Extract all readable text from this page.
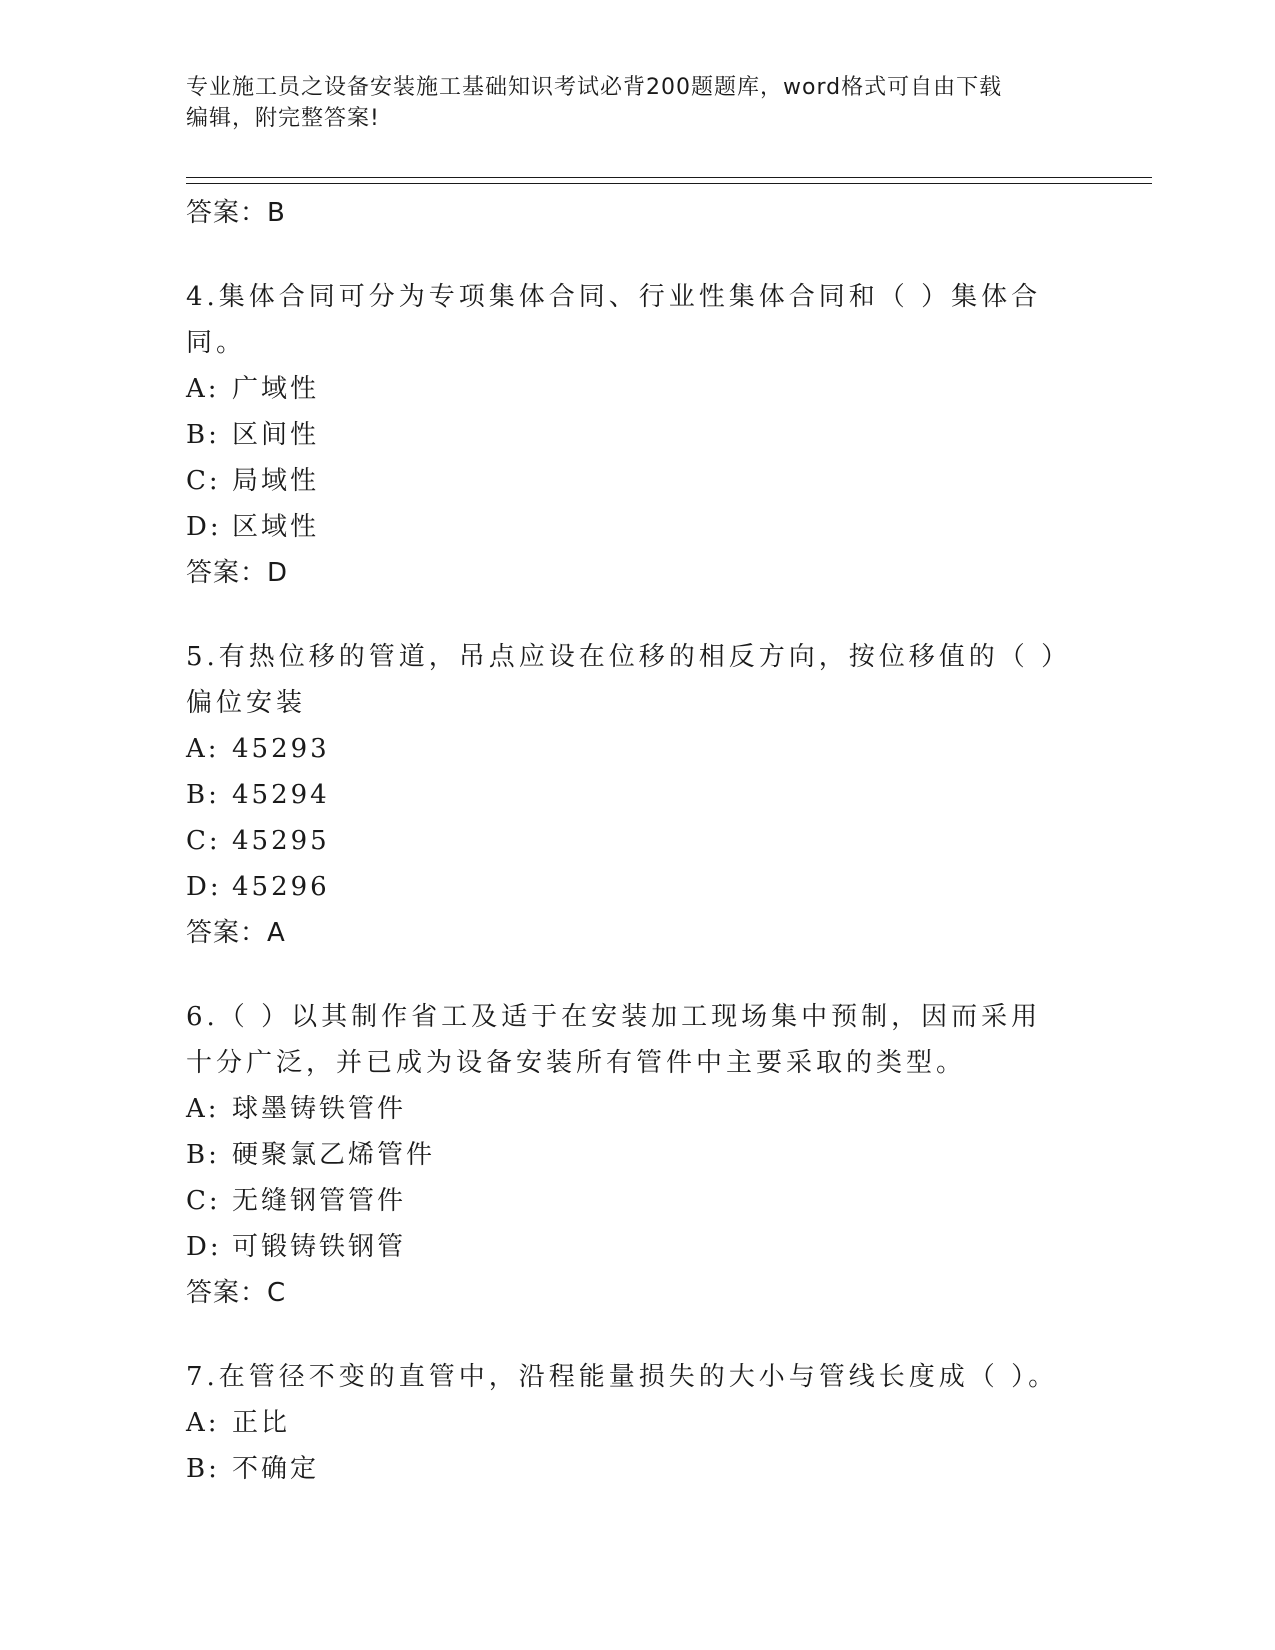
专业施工员之设备安装施工基础知识考试必背200题题库，word格式可自由下载
编辑，附完整答案!
答案：B
4.集体合同可分为专项集体合同、行业性集体合同和（ ）集体合同。
A: 广域性
B: 区间性
C: 局域性
D: 区域性
答案：D
5.有热位移的管道，吊点应设在位移的相反方向，按位移值的（ ）偏位安装
A: 45293
B: 45294
C: 45295
D: 45296
答案：A
6.（ ）以其制作省工及适于在安装加工现场集中预制，因而采用十分广泛，并已成为设备安装所有管件中主要采取的类型。
A: 球墨铸铁管件
B: 硬聚氯乙烯管件
C: 无缝钢管管件
D: 可锻铸铁钢管
答案：C
7.在管径不变的直管中，沿程能量损失的大小与管线长度成（ ）。
A: 正比
B: 不确定
